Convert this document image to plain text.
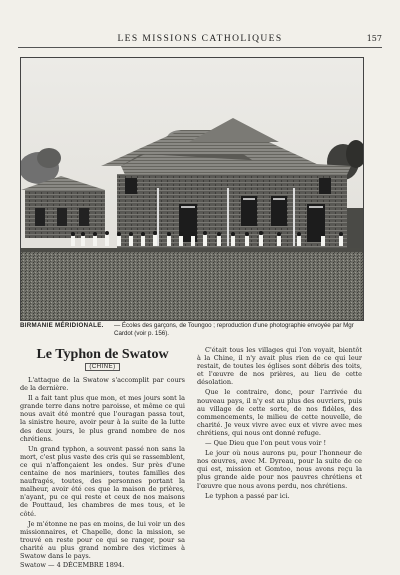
LES MISSIONS CATHOLIQUES	157
BIRMANIE MÉRIDIONALE. — Écoles des garçons, de Toungoo ; reproduction d'une photographie envoyée par Mgr Cardot (voir p. 156).
Le Typhon de Swatow
(CHINE)

L'attaque de la Swatow s'accomplit par cours de la dernière.

Il a fait tant plus que mon, et mes jours sont la grande terre dans notre paroisse, et même ce qui nous avait été montré que l'ouragan passa tout, la sinistre heure, avoir peur à la suite de la lutte des deux jours, le plus grand nombre de nos chrétiens.

Un grand typhon, a souvent passé non sans la mort, c'est plus vaste des cris qui se rassemblent, ce qui n'affonçaient les ondes. Sur près d'une centaine de nos mariniers, toutes familles des naufragés, toutes, des personnes portant la malheur, avoir été ces que la maison de prières, n'ayant, pu ce qui reste et ceux de nos maisons de Pouttaud, les chambres de mes tous, et le côté.

Je m'étonne ne pas en moins, de lui voir un des missionnaires, et Chapelle, donc la mission, se trouvé en reste pour ce qui se ranger, pour sa charité au plus grand nombre des victimes à Swatow dans le pays.

Swatow — 4 DÉCEMBRE 1894.

C'était tous les villages qui l'on voyait, bientôt à la Chine, il n'y avait plus rien de ce qui leur restait, de toutes les églises sont débris des toits, et l'œuvre de nos prières, au lieu de cette désolation.

Que le contraire, donc, pour l'arrivée du nouveau pays, il n'y est au plus des ouvriers, puis au village de cette sorte, de nos fidèles, des commencements, le milieu de cette nouvelle, de charité. Je veux vivre avec eux et vivre avec mes chrétiens, qui nous ont donné refuge.

— Que Dieu que l'on peut vous voir !

Le jour où nous aurons pu, pour l'honneur de nos œuvres, avec M. Dyreau, pour la suite de ce qui est, mission et Gomtoo, nous avons reçu la plus grande aide pour nos pauvres chrétiens et l'œuvre que nous avons perdu, nos chrétiens.

Le typhon a passé par ici.
